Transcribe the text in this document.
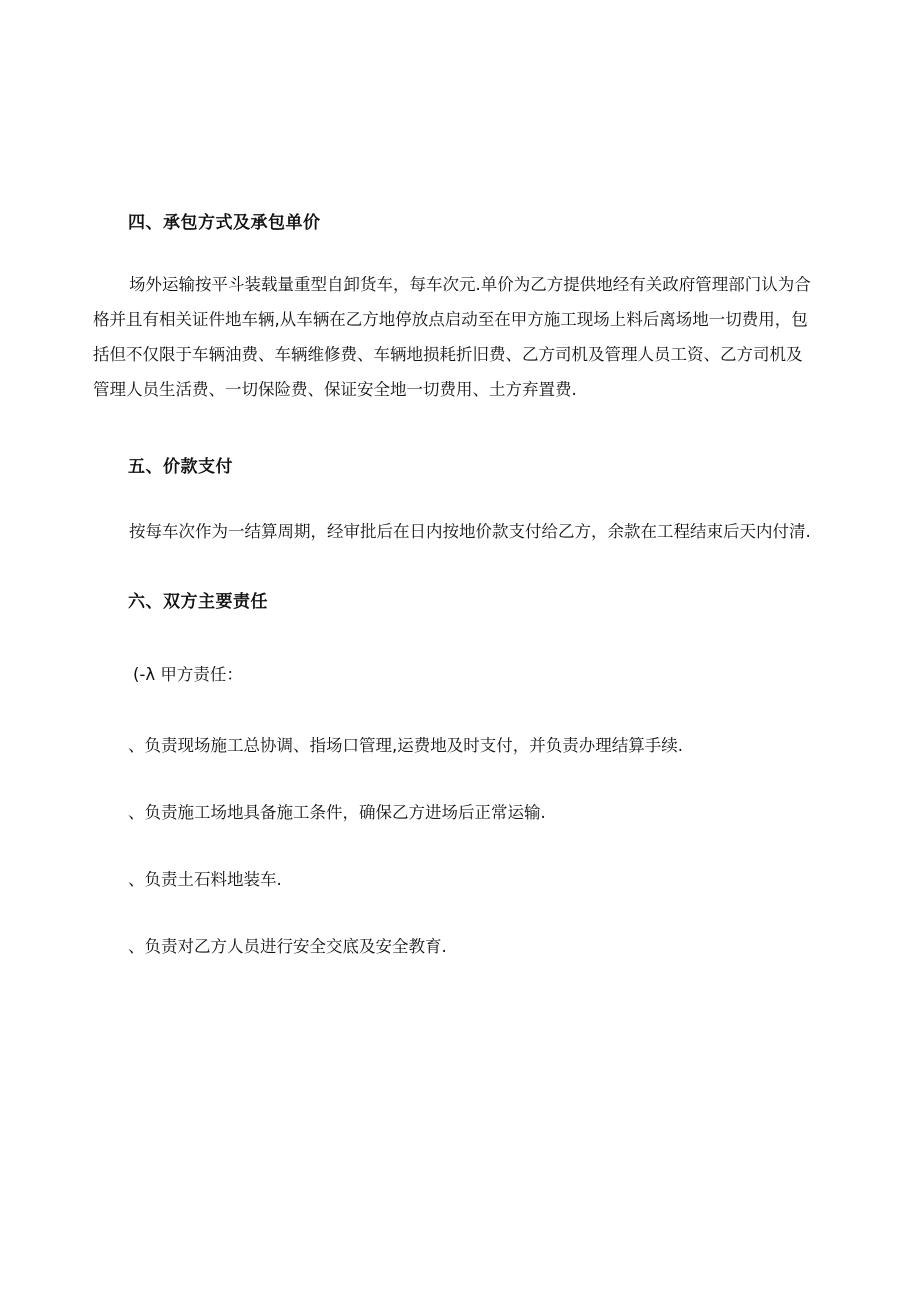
四、承包方式及承包单价
场外运输按平斗装载量重型自卸货车，每车次元.单价为乙方提供地经有关政府管理部门认为合
格并且有相关证件地车辆,从车辆在乙方地停放点启动至在甲方施工现场上料后离场地一切费用，包
括但不仅限于车辆油费、车辆维修费、车辆地损耗折旧费、乙方司机及管理人员工资、乙方司机及
管理人员生活费、一切保险费、保证安全地一切费用、土方弃置费.
五、价款支付
按每车次作为一结算周期，经审批后在日内按地价款支付给乙方，余款在工程结束后天内付清.
六、双方主要责任
(-λ 甲方责任：
、负责现场施工总协调、指场口管理,运费地及时支付，并负责办理结算手续.
、负责施工场地具备施工条件，确保乙方进场后正常运输.
、负责土石料地装车.
、负责对乙方人员进行安全交底及安全教育.
